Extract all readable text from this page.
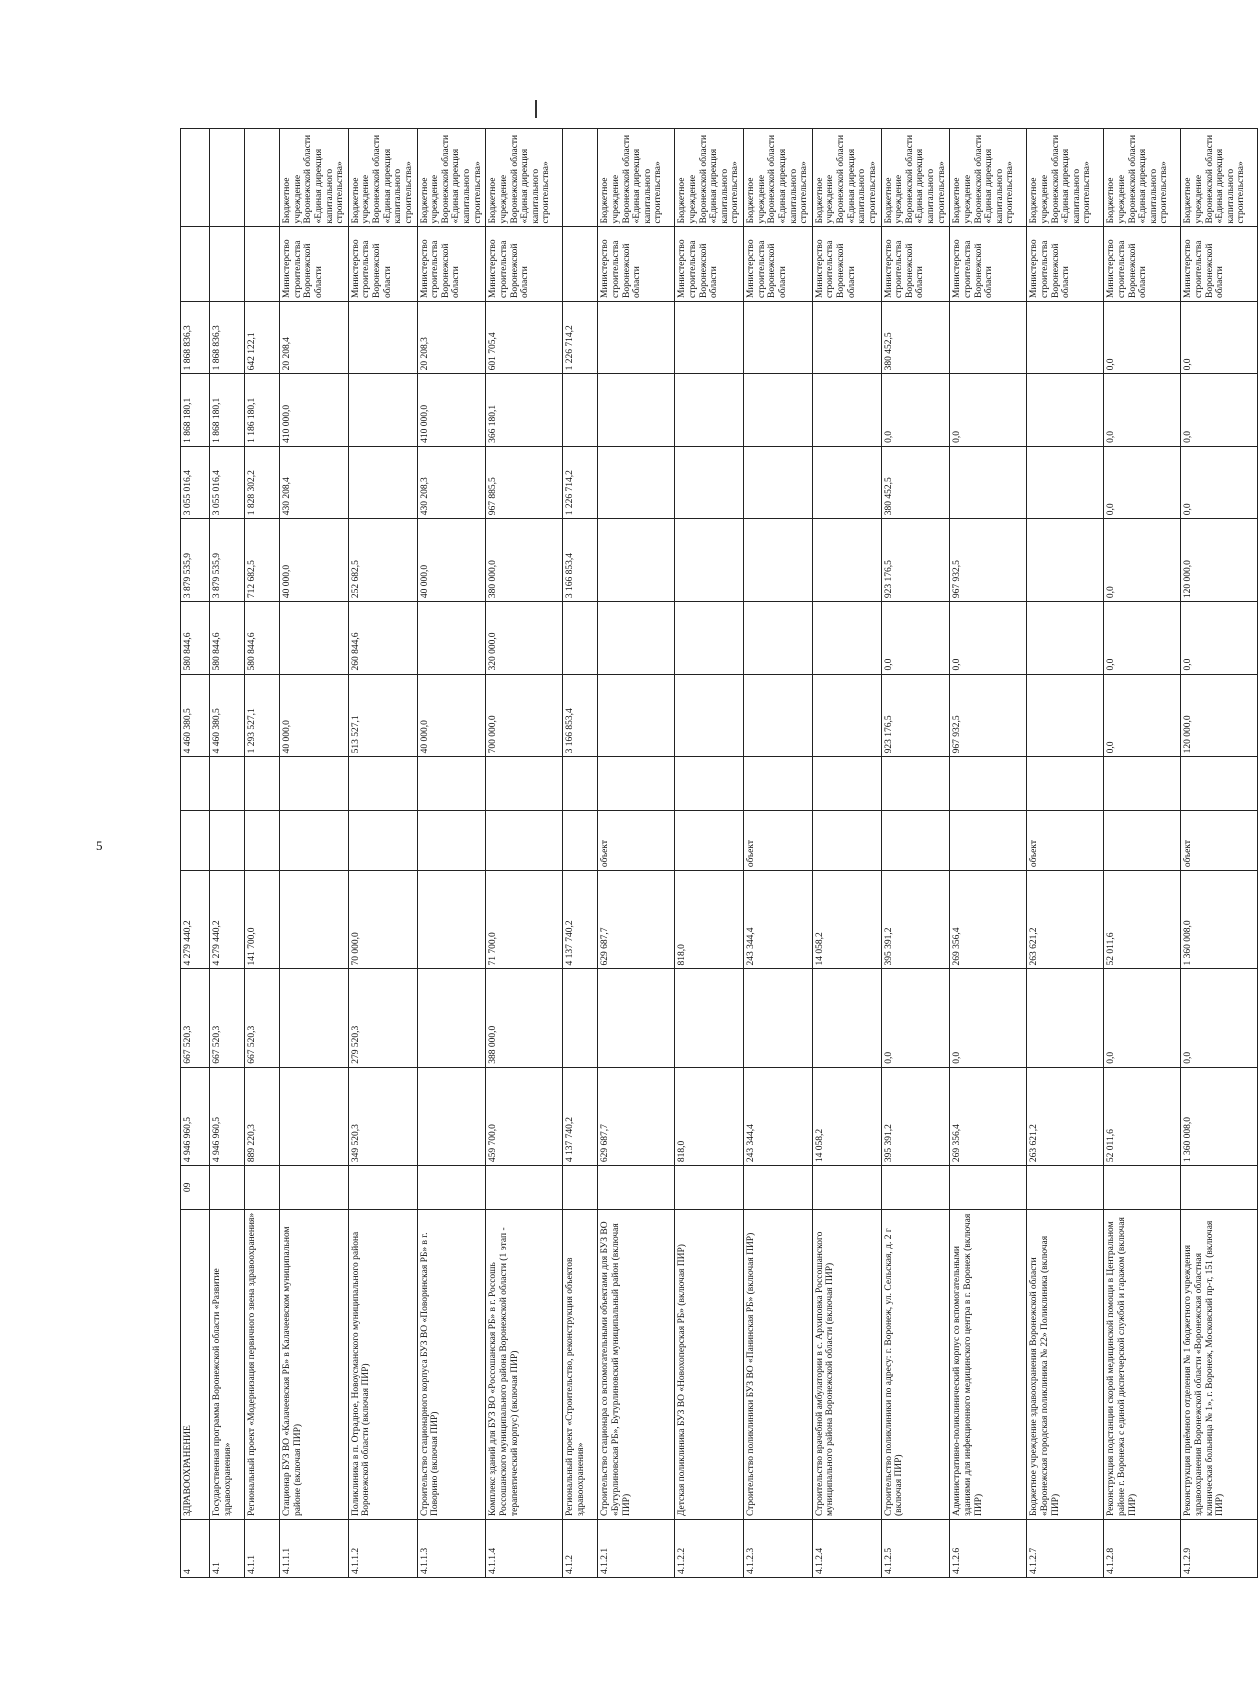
5
4	ЗДРАВООХРАНЕНИЕ	09	4 946 960,5	667 520,3	4 279 440,2			4 460 380,5	580 844,6	3 879 535,9	3 055 016,4	1 868 180,1	1 868 836,3		
4.1	Государственная программа Воронежской области «Развитие здравоохранения»		4 946 960,5	667 520,3	4 279 440,2			4 460 380,5	580 844,6	3 879 535,9	3 055 016,4	1 868 180,1	1 868 836,3		
4.1.1	Региональный проект «Модернизация первичного звена здравоохранения»		889 220,3	667 520,3	141 700,0			1 293 527,1	580 844,6	712 682,5	1 828 302,2	1 186 180,1	642 122,1		
4.1.1.1	Стационар БУЗ ВО «Калачеевская РБ» в Калачеевском муниципальном районе (включая ПИР)							40 000,0		40 000,0	430 208,4	410 000,0	20 208,4	Министерство строительства Воронежской области	Бюджетное учреждение Воронежской области «Единая дирекция капитального строительства»
4.1.1.2	Поликлиника в п. Отрадное, Новоусманского муниципального района Воронежской области (включая ПИР)		349 520,3	279 520,3	70 000,0			513 527,1	260 844,6	252 682,5				Министерство строительства Воронежской области	Бюджетное учреждение Воронежской области «Единая дирекция капитального строительства»
4.1.1.3	Строительство стационарного корпуса БУЗ ВО «Поворинская РБ» в г. Поворино (включая ПИР)							40 000,0		40 000,0	430 208,3	410 000,0	20 208,3	Министерство строительства Воронежской области	Бюджетное учреждение Воронежской области «Единая дирекция капитального строительства»
4.1.1.4	Комплекс зданий для БУЗ ВО «Россошанская РБ» в г. Россошь Россошанского муниципального района Воронежской области (1 этап - терапевтический корпус) (включая ПИР)		459 700,0	388 000,0	71 700,0			700 000,0	320 000,0	380 000,0	967 885,5	366 180,1	601 705,4	Министерство строительства Воронежской области	Бюджетное учреждение Воронежской области «Единая дирекция капитального строительства»
4.1.2	Региональный проект «Строительство, реконструкция объектов здравоохранения»		4 137 740,2		4 137 740,2			3 166 853,4		3 166 853,4	1 226 714,2		1 226 714,2		
4.1.2.1	Строительство стационара со вспомогательными объектами для БУЗ ВО «Бутурлиновская РБ», Бутурлиновский муниципальный район (включая ПИР)		629 687,7		629 687,7	объект								Министерство строительства Воронежской области	Бюджетное учреждение Воронежской области «Единая дирекция капитального строительства»
4.1.2.2	Детская поликлиника БУЗ ВО «Новохоперская РБ» (включая ПИР)		818,0		818,0									Министерство строительства Воронежской области	Бюджетное учреждение Воронежской области «Единая дирекция капитального строительства»
4.1.2.3	Строительство поликлиники БУЗ ВО «Панинская РБ» (включая ПИР)		243 344,4		243 344,4	объект								Министерство строительства Воронежской области	Бюджетное учреждение Воронежской области «Единая дирекция капитального строительства»
4.1.2.4	Строительство врачебной амбулатории в с. Архиповка Россошанского муниципального района Воронежской области (включая ПИР)		14 058,2		14 058,2									Министерство строительства Воронежской области	Бюджетное учреждение Воронежской области «Единая дирекция капитального строительства»
4.1.2.5	Строительство поликлиники по адресу: г. Воронеж, ул. Сельская, д. 2 г (включая ПИР)		395 391,2	0,0	395 391,2			923 176,5	0,0	923 176,5	380 452,5	0,0	380 452,5	Министерство строительства Воронежской области	Бюджетное учреждение Воронежской области «Единая дирекция капитального строительства»
4.1.2.6	Административно-поликлинический корпус со вспомогательными зданиями для инфекционного медицинского центра в г. Воронеж (включая ПИР)		269 356,4	0,0	269 356,4			967 932,5	0,0	967 932,5		0,0		Министерство строительства Воронежской области	Бюджетное учреждение Воронежской области «Единая дирекция капитального строительства»
4.1.2.7	Бюджетное учреждение здравоохранения Воронежской области «Воронежская городская поликлиника № 22» Поликлиника (включая ПИР)		263 621,2		263 621,2	объект								Министерство строительства Воронежской области	Бюджетное учреждение Воронежской области «Единая дирекция капитального строительства»
4.1.2.8	Реконструкция подстанции скорой медицинской помощи в Центральном районе г. Воронежа с единой диспетчерской службой и гаражом (включая ПИР)		52 011,6	0,0	52 011,6			0,0	0,0	0,0	0,0	0,0	0,0	Министерство строительства Воронежской области	Бюджетное учреждение Воронежской области «Единая дирекция капитального строительства»
4.1.2.9	Реконструкция приёмного отделения № 1 бюджетного учреждения здравоохранения Воронежской области «Воронежская областная клиническая больница № 1», г. Воронеж, Московский пр-т, 151 (включая ПИР)		1 360 008,0	0,0	1 360 008,0	объект		120 000,0	0,0	120 000,0	0,0	0,0	0,0	Министерство строительства Воронежской области	Бюджетное учреждение Воронежской области «Единая дирекция капитального строительства»
